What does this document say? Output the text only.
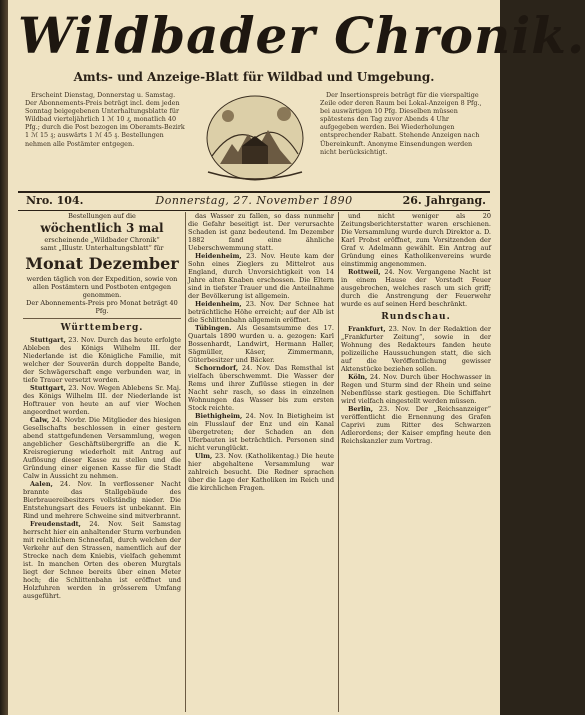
Wildbader Chronik.
Amts- und Anzeige-Blatt für Wildbad und Umgebung.

Erscheint Dienstag, Donnerstag u. Samstag. Der Abonnements-Preis beträgt incl. dem jeden Sonntag beigegebenen Unterhaltungsblatte für Wildbad vierteljährlich 1 ℳ 10 ₰, monatlich 40 Pfg.; durch die Post bezogen im Oberamts-Bezirk 1 ℳ 15 ₰; auswärts 1 ℳ 45 ₰. Bestellungen nehmen alle Postämter entgegen.

Der Insertionspreis beträgt für die vierspaltige Zeile oder deren Raum bei Lokal-Anzeigen 8 Pfg., bei auswärtigen 10 Pfg. Dieselben müssen spätestens den Tag zuvor Abends 4 Uhr aufgegeben werden. Bei Wiederholungen entsprechender Rabatt. Stehende Anzeigen nach Übereinkunft. Anonyme Einsendungen werden nicht berücksichtigt.

Nro. 104.	Donnerstag, 27. November 1890	26. Jahrgang.
Bestellungen auf die
wöchentlich 3 mal
erscheinende „Wildbader Chronik“
samt „Illustr. Unterhaltungsblatt“ für
Monat Dezember
werden täglich von der Expedition, sowie von allen Postämtern und Postboten entgegen genommen.
Der Abonnements-Preis pro Monat beträgt 40 Pfg.
Württemberg.

Stuttgart, 23. Nov. Durch das heute erfolgte Ableben des Königs Wilhelm III. der Niederlande ist die Königliche Familie, mit welcher der Souverän durch doppelte Bande, der Schwägerschaft enge verbunden war, in tiefe Trauer versetzt worden.

Stuttgart, 23. Nov. Wegen Ablebens Sr. Maj. des Königs Wilhelm III. der Niederlande ist Hoftrauer von heute an auf vier Wochen angeordnet worden.

Calw, 24. Novbr. Die Mitglieder des hiesigen Gesellschafts beschlossen in einer gestern abend stattgefundenen Versammlung, wegen angeblicher Geschäftsübergriffe an die K. Kreisregierung wiederholt mit Antrag auf Auflösung dieser Kasse zu stellen und die Gründung einer eigenen Kasse für die Stadt Calw in Aussicht zu nehmen.

Aalen, 24. Nov. In verflossener Nacht brannte das Stallgebäude des Bierbrauereibesitzers vollständig nieder. Die Entstehungsart des Feuers ist unbekannt. Ein Rind und mehrere Schweine sind mitverbrannt.

Freudenstadt, 24. Nov. Seit Samstag herrscht hier ein anhaltender Sturm verbunden mit reichlichem Schneefall, durch welchen der Verkehr auf den Strassen, namentlich auf der Strecke nach dem Kniebis, vielfach gehemmt ist. In manchen Orten des oberen Murgtals liegt der Schnee bereits über einen Meter hoch; die Schlittenbahn ist eröffnet und Holzfuhren werden in grösserem Umfang ausgeführt.

das Wasser zu fallen, so dass nunmehr die Gefahr beseitigt ist. Der verursachte Schaden ist ganz bedeutend. Im Dezember 1882 fand eine ähnliche Ueberschwemmung statt.

Heidenheim, 23. Nov. Heute kam der Sohn eines Zieglers zu Mittelrot aus England, durch Unvorsichtigkeit von 14 Jahre alten Knaben erschossen. Die Eltern sind in tiefster Trauer und die Anteilnahme der Bevölkerung ist allgemein.

Heidenheim, 23. Nov. Der Schnee hat beträchtliche Höhe erreicht; auf der Alb ist die Schlittenbahn allgemein eröffnet.

Tübingen. Als Gesamtsumme des 17. Quartals 1890 wurden u. a. gezogen: Karl Bossenhardt, Landwirt, Hermann Haller, Sägmüller, Käser, Zimmermann, Güterbesitzer und Bäcker.

Schorndorf, 24. Nov. Das Remsthal ist vielfach überschwemmt. Die Wasser der Rems und ihrer Zuflüsse stiegen in der Nacht sehr rasch, so dass in einzelnen Wohnungen das Wasser bis zum ersten Stock reichte.

Biethigheim, 24. Nov. In Bietigheim ist ein Flusslauf der Enz und ein Kanal übergetreten; der Schaden an den Uferbauten ist beträchtlich. Personen sind nicht verunglückt.

Ulm, 23. Nov. (Katholikentag.) Die heute hier abgehaltene Versammlung war zahlreich besucht. Die Redner sprachen über die Lage der Katholiken im Reich und die kirchlichen Fragen.

und nicht weniger als 20 Zeitungsberichterstatter waren erschienen. Die Versammlung wurde durch Direktor a. D. Karl Probst eröffnet, zum Vorsitzenden der Graf v. Adelmann gewählt. Ein Antrag auf Gründung eines Katholikenvereins wurde einstimmig angenommen.

Rottweil, 24. Nov. Vergangene Nacht ist in einem Hause der Vorstadt Feuer ausgebrochen, welches rasch um sich griff; durch die Anstrengung der Feuerwehr wurde es auf seinen Herd beschränkt.

Rundschau.

Frankfurt, 23. Nov. In der Redaktion der „Frankfurter Zeitung“, sowie in der Wohnung des Redakteurs fanden heute polizeiliche Haussuchungen statt, die sich auf die Veröffentlichung gewisser Aktenstücke beziehen sollen.

Köln, 24. Nov. Durch über Hochwasser in Regen und Sturm sind der Rhein und seine Nebenflüsse stark gestiegen. Die Schiffahrt wird vielfach eingestellt werden müssen.

Berlin, 23. Nov. Der „Reichsanzeiger“ veröffentlicht die Ernennung des Grafen Caprivi zum Ritter des Schwarzen Adlerordens; der Kaiser empfing heute den Reichskanzler zum Vortrag.
